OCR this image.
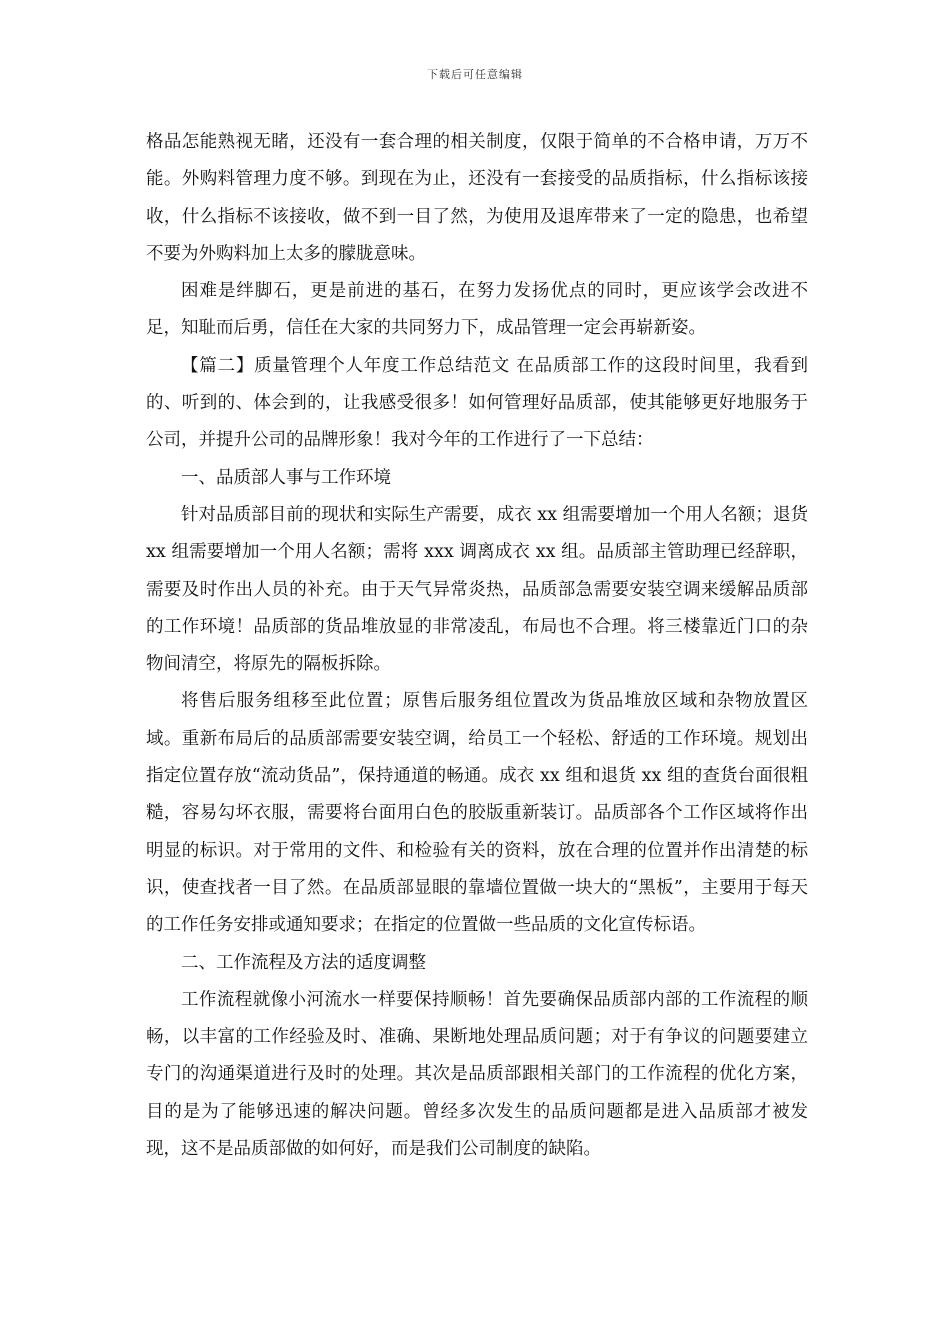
下载后可任意编辑

格品怎能熟视无睹，还没有一套合理的相关制度，仅限于简单的不合格申请，万万不能。外购料管理力度不够。到现在为止，还没有一套接受的品质指标，什么指标该接收，什么指标不该接收，做不到一目了然，为使用及退库带来了一定的隐患，也希望不要为外购料加上太多的朦胧意味。

困难是绊脚石，更是前进的基石，在努力发扬优点的同时，更应该学会改进不足，知耻而后勇，信任在大家的共同努力下，成品管理一定会再崭新姿。

【篇二】质量管理个人年度工作总结范文 在品质部工作的这段时间里，我看到的、听到的、体会到的，让我感受很多！如何管理好品质部，使其能够更好地服务于公司，并提升公司的品牌形象！我对今年的工作进行了一下总结：

一、品质部人事与工作环境

针对品质部目前的现状和实际生产需要，成衣 xx 组需要增加一个用人名额；退货 xx 组需要增加一个用人名额；需将 xxx 调离成衣 xx 组。品质部主管助理已经辞职，需要及时作出人员的补充。由于天气异常炎热，品质部急需要安装空调来缓解品质部的工作环境！品质部的货品堆放显的非常凌乱，布局也不合理。将三楼靠近门口的杂物间清空，将原先的隔板拆除。

将售后服务组移至此位置；原售后服务组位置改为货品堆放区域和杂物放置区域。重新布局后的品质部需要安装空调，给员工一个轻松、舒适的工作环境。规划出指定位置存放“流动货品”，保持通道的畅通。成衣 xx 组和退货 xx 组的查货台面很粗糙，容易勾坏衣服，需要将台面用白色的胶版重新装订。品质部各个工作区域将作出明显的标识。对于常用的文件、和检验有关的资料，放在合理的位置并作出清楚的标识，使查找者一目了然。在品质部显眼的靠墙位置做一块大的“黑板”，主要用于每天的工作任务安排或通知要求；在指定的位置做一些品质的文化宣传标语。

二、工作流程及方法的适度调整

工作流程就像小河流水一样要保持顺畅！首先要确保品质部内部的工作流程的顺畅，以丰富的工作经验及时、准确、果断地处理品质问题；对于有争议的问题要建立专门的沟通渠道进行及时的处理。其次是品质部跟相关部门的工作流程的优化方案，目的是为了能够迅速的解决问题。曾经多次发生的品质问题都是进入品质部才被发现，这不是品质部做的如何好，而是我们公司制度的缺陷。
